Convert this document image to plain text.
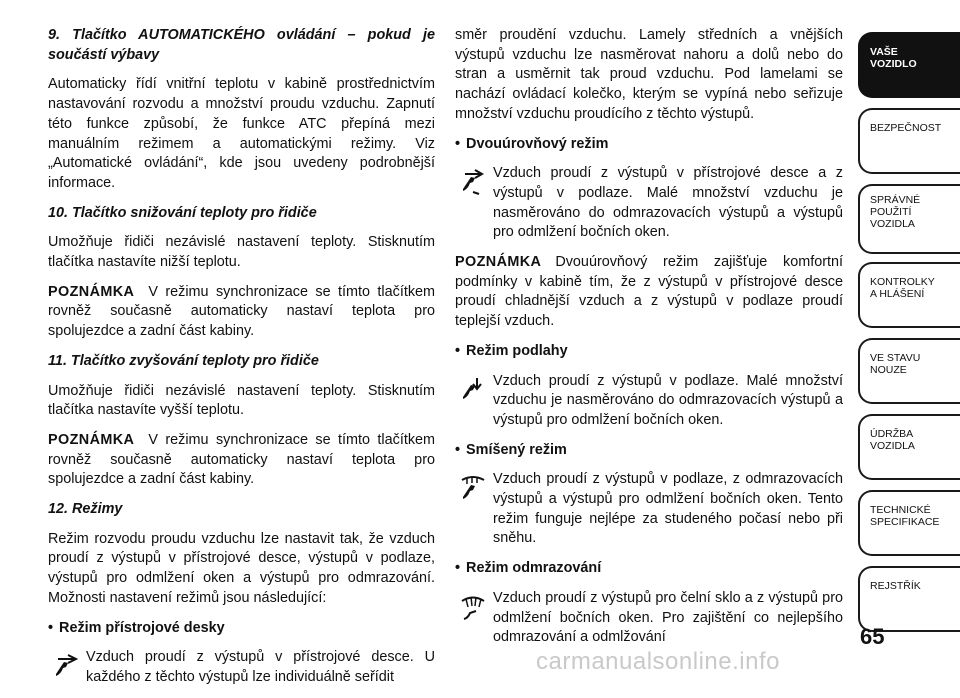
9. Tlačítko AUTOMATICKÉHO ovládání – pokud je součástí výbavy

Automaticky řídí vnitřní teplotu v kabině prostřednictvím nastavování rozvodu a množství proudu vzduchu. Zapnutí této funkce způsobí, že funkce ATC přepíná mezi manuálním režimem a automatickými režimy. Viz „Automatické ovládání“, kde jsou uvedeny podrobnější informace.

10. Tlačítko snižování teploty pro řidiče

Umožňuje řidiči nezávislé nastavení teploty. Stisknutím tlačítka nastavíte nižší teplotu.

POZNÁMKA V režimu synchronizace se tímto tlačítkem rovněž současně automaticky nastaví teplota pro spolujezdce a zadní část kabiny.

11. Tlačítko zvyšování teploty pro řidiče

Umožňuje řidiči nezávislé nastavení teploty. Stisknutím tlačítka nastavíte vyšší teplotu.

POZNÁMKA V režimu synchronizace se tímto tlačítkem rovněž současně automaticky nastaví teplota pro spolujezdce a zadní část kabiny.

12. Režimy

Režim rozvodu proudu vzduchu lze nastavit tak, že vzduch proudí z výstupů v přístrojové desce, výstupů v podlaze, výstupů pro odmlžení oken a výstupů pro odmrazování. Možnosti nastavení režimů jsou následující:

• Režim přístrojové desky

Vzduch proudí z výstupů v přístrojové desce. U každého z těchto výstupů lze individuálně seřídit

směr proudění vzduchu. Lamely středních a vnějších výstupů vzduchu lze nasměrovat nahoru a dolů nebo do stran a usměrnit tak proud vzduchu. Pod lamelami se nachází ovládací kolečko, kterým se vypíná nebo seřizuje množství vzduchu proudícího z těchto výstupů.

• Dvouúrovňový režim

Vzduch proudí z výstupů v přístrojové desce a z výstupů v podlaze. Malé množství vzduchu je nasměrováno do odmrazovacích výstupů a výstupů pro odmlžení bočních oken.

POZNÁMKA Dvouúrovňový režim zajišťuje komfortní podmínky v kabině tím, že z výstupů v přístrojové desce proudí chladnější vzduch a z výstupů v podlaze proudí teplejší vzduch.

• Režim podlahy

Vzduch proudí z výstupů v podlaze. Malé množství vzduchu je nasměrováno do odmrazovacích výstupů a výstupů pro odmlžení bočních oken.

• Smíšený režim

Vzduch proudí z výstupů v podlaze, z odmrazovacích výstupů a výstupů pro odmlžení bočních oken. Tento režim funguje nejlépe za studeného počasí nebo při sněhu.

• Režim odmrazování

Vzduch proudí z výstupů pro čelní sklo a z výstupů pro odmlžení bočních oken. Pro zajištění co nejlepšího odmrazování a odmlžování
VAŠE
VOZIDLO
BEZPEČNOST
SPRÁVNÉ
POUŽITÍ
VOZIDLA
KONTROLKY
A HLÁŠENÍ
VE STAVU
NOUZE
ÚDRŽBA
VOZIDLA
TECHNICKÉ
SPECIFIKACE
REJSTŘÍK
65
carmanualsonline.info
